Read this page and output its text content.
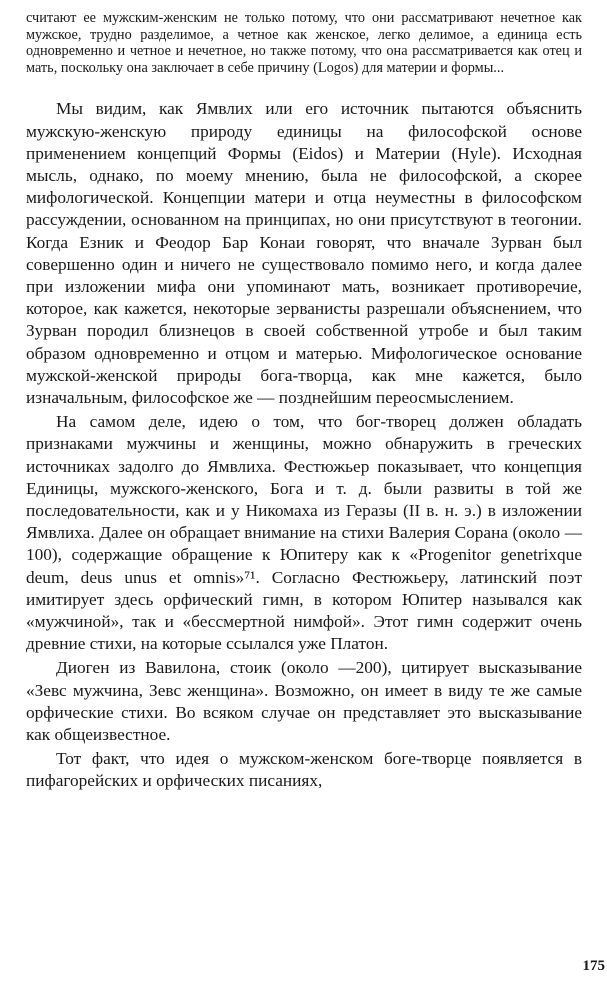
считают ее мужским-женским не только потому, что они рассматривают нечетное как мужское, трудно разделимое, а четное как женское, легко делимое, а единица есть одновременно и четное и нечетное, но также потому, что она рассматривается как отец и мать, поскольку она заключает в себе причину (Logos) для материи и формы...

Мы видим, как Ямвлих или его источник пытаются объяснить мужскую-женскую природу единицы на философской основе применением концепций Формы (Eidos) и Материи (Hyle). Исходная мысль, однако, по моему мнению, была не философской, а скорее мифологической. Концепции матери и отца неуместны в философском рассуждении, основанном на принципах, но они присутствуют в теогонии. Когда Езник и Феодор Бар Конаи говорят, что вначале Зурван был совершенно один и ничего не существовало помимо него, и когда далее при изложении мифа они упоминают мать, возникает противоречие, которое, как кажется, некоторые зерванисты разрешали объяснением, что Зурван породил близнецов в своей собственной утробе и был таким образом одновременно и отцом и матерью. Мифологическое основание мужской-женской природы бога-творца, как мне кажется, было изначальным, философское же — позднейшим переосмыслением.

На самом деле, идею о том, что бог-творец должен обладать признаками мужчины и женщины, можно обнаружить в греческих источниках задолго до Ямвлиха. Фестюжьер показывает, что концепция Единицы, мужского-женского, Бога и т. д. были развиты в той же последовательности, как и у Никомаха из Геразы (II в. н. э.) в изложении Ямвлиха. Далее он обращает внимание на стихи Валерия Сорана (около —100), содержащие обращение к Юпитеру как к «Progenitor genetrixque deum, deus unus et omnis»⁷¹. Согласно Фестюжьеру, латинский поэт имитирует здесь орфический гимн, в котором Юпитер назывался как «мужчиной», так и «бессмертной нимфой». Этот гимн содержит очень древние стихи, на которые ссылался уже Платон.

Диоген из Вавилона, стоик (около —200), цитирует высказывание «Зевс мужчина, Зевс женщина». Возможно, он имеет в виду те же самые орфические стихи. Во всяком случае он представляет это высказывание как общеизвестное.

Тот факт, что идея о мужском-женском боге-творце появляется в пифагорейских и орфических писаниях,

175
